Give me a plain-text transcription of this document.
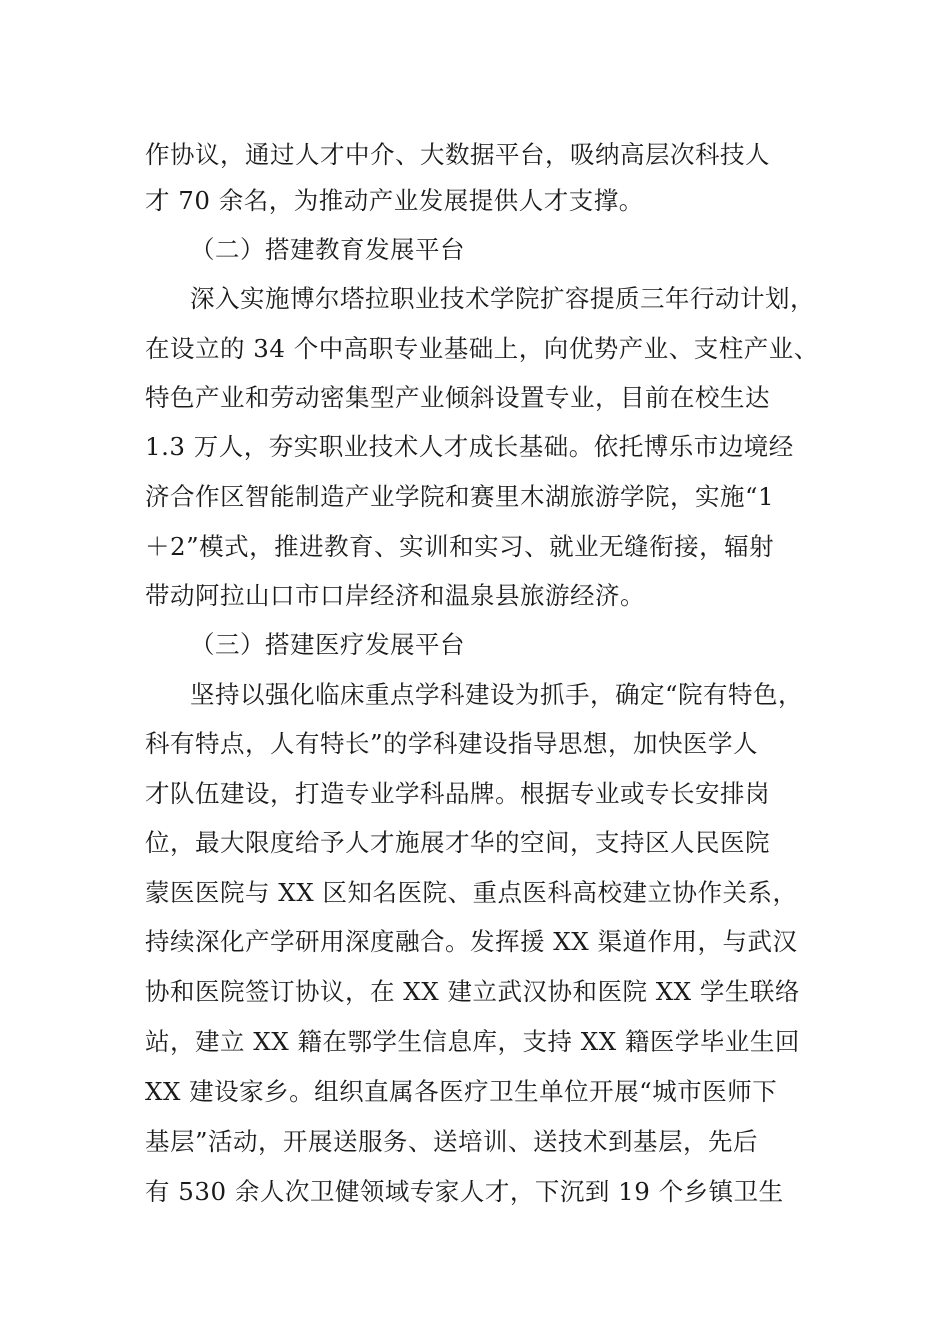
作协议，通过人才中介、大数据平台，吸纳高层次科技人
才 70 余名，为推动产业发展提供人才支撑。
（二）搭建教育发展平台
深入实施博尔塔拉职业技术学院扩容提质三年行动计划，
在设立的 34 个中高职专业基础上，向优势产业、支柱产业、
特色产业和劳动密集型产业倾斜设置专业，目前在校生达
1.3 万人，夯实职业技术人才成长基础。依托博乐市边境经
济合作区智能制造产业学院和赛里木湖旅游学院，实施“1
＋2”模式，推进教育、实训和实习、就业无缝衔接，辐射
带动阿拉山口市口岸经济和温泉县旅游经济。
（三）搭建医疗发展平台
坚持以强化临床重点学科建设为抓手，确定“院有特色，
科有特点，人有特长”的学科建设指导思想，加快医学人
才队伍建设，打造专业学科品牌。根据专业或专长安排岗
位，最大限度给予人才施展才华的空间，支持区人民医院
蒙医医院与 XX 区知名医院、重点医科高校建立协作关系，
持续深化产学研用深度融合。发挥援 XX 渠道作用，与武汉
协和医院签订协议，在 XX 建立武汉协和医院 XX 学生联络
站，建立 XX 籍在鄂学生信息库，支持 XX 籍医学毕业生回
XX 建设家乡。组织直属各医疗卫生单位开展“城市医师下
基层”活动，开展送服务、送培训、送技术到基层，先后
有 530 余人次卫健领域专家人才，下沉到 19 个乡镇卫生
